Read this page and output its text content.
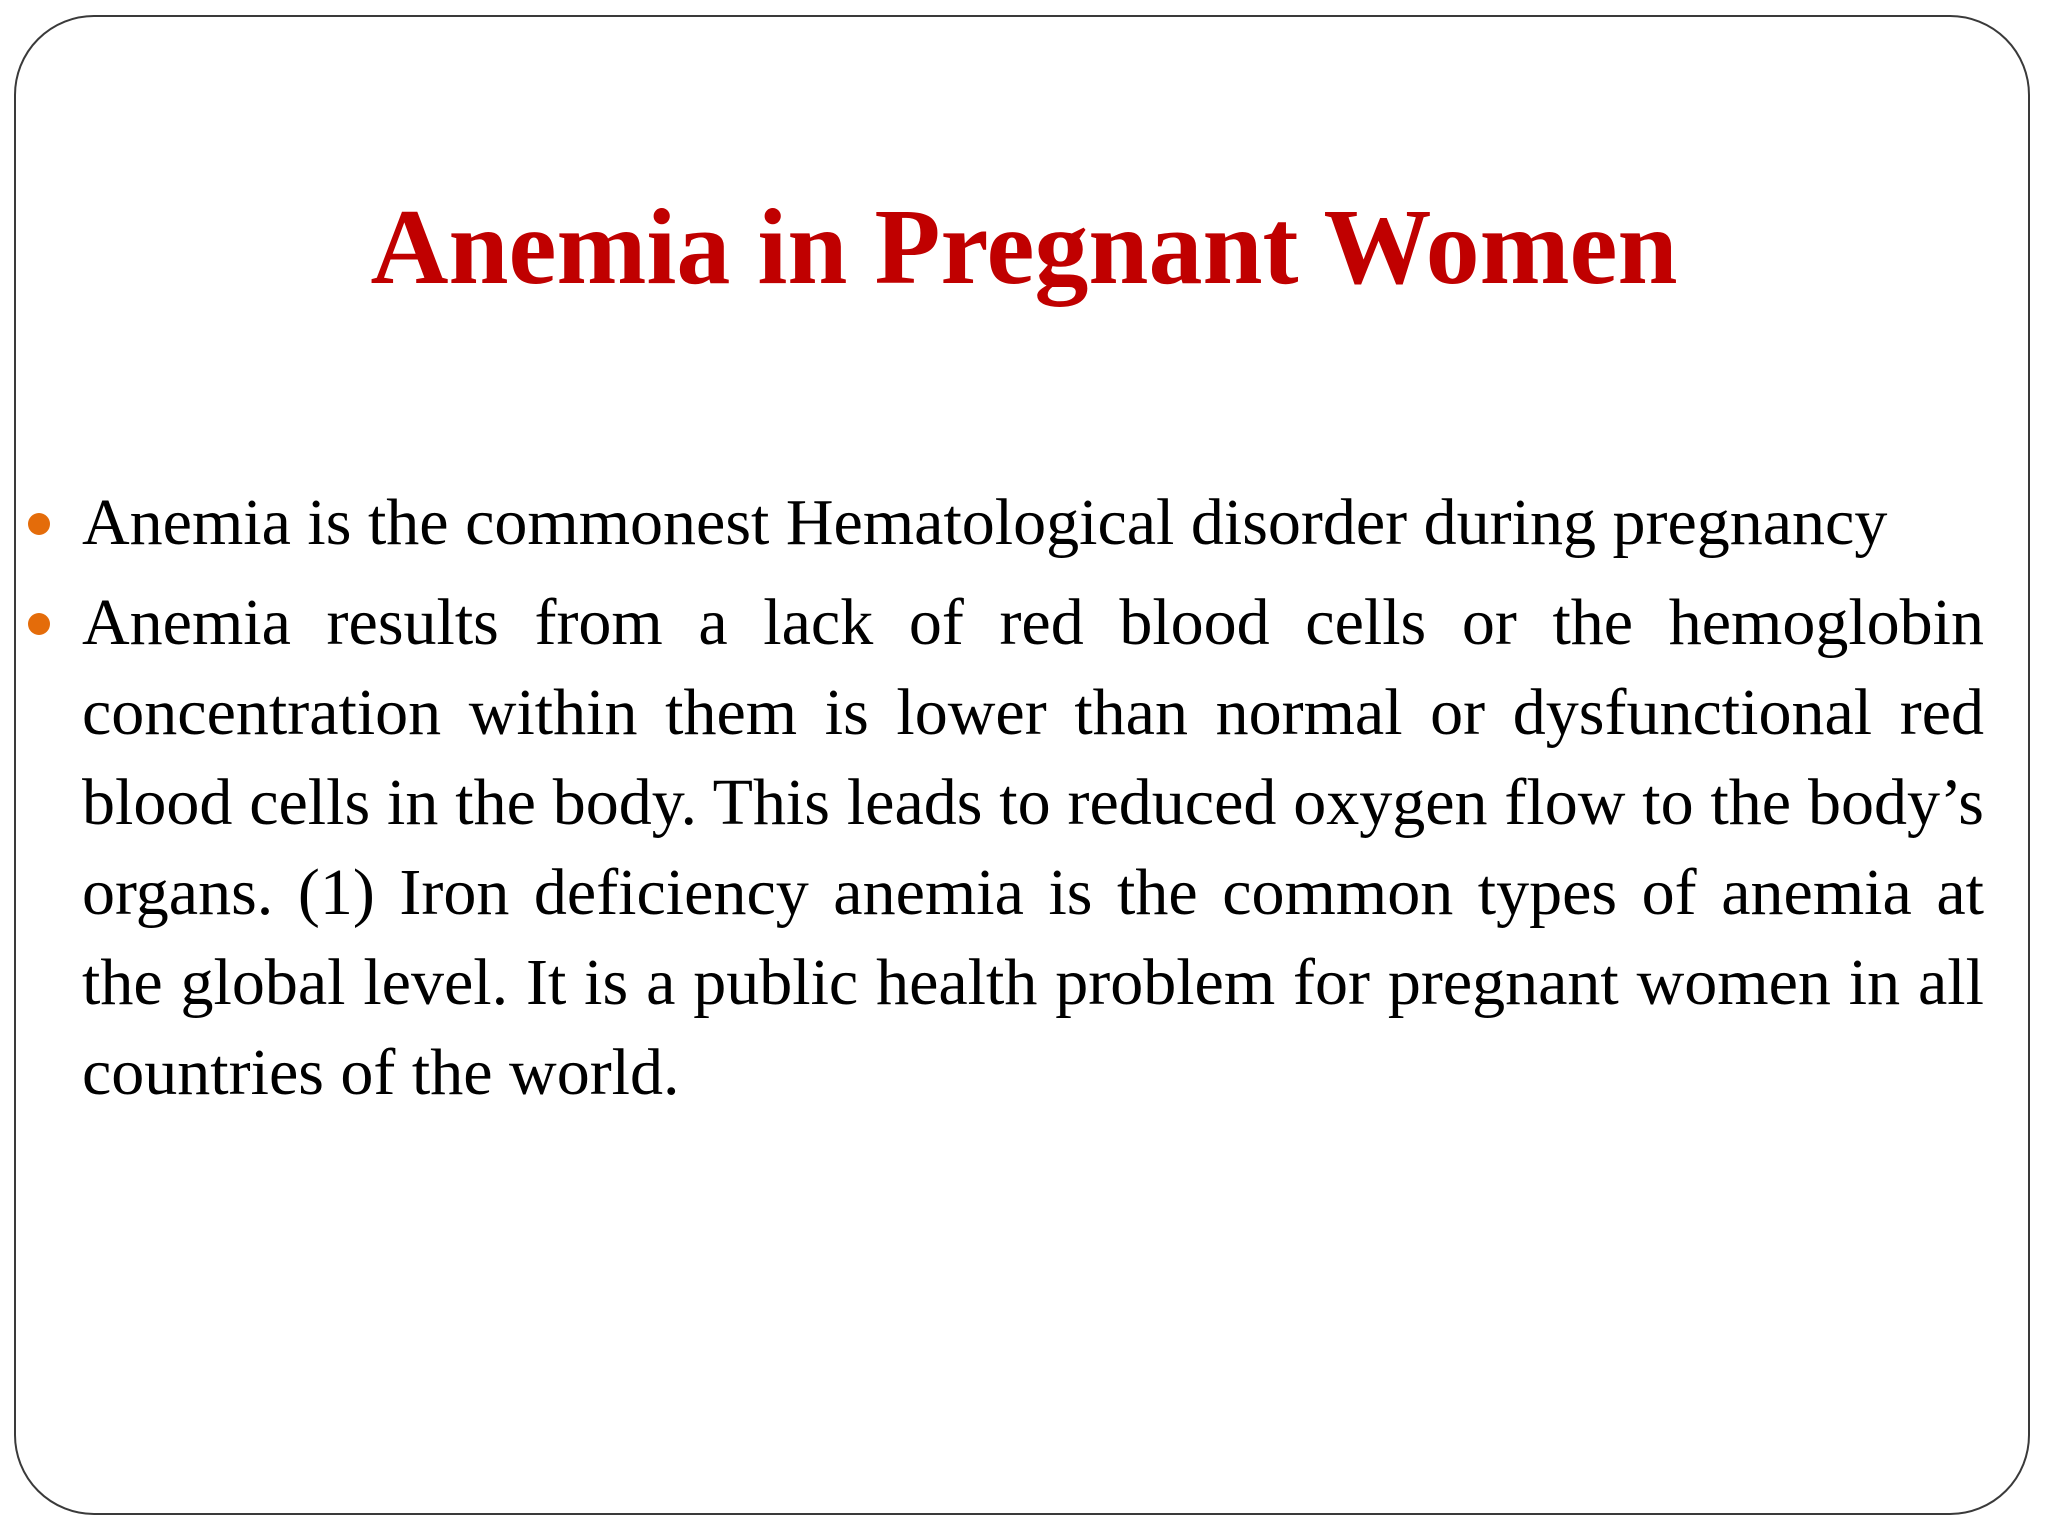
Anemia in Pregnant Women
Anemia is the commonest Hematological disorder during pregnancy
Anemia results from a lack of red blood cells or the hemoglobin concentration within them is lower than normal or dysfunctional red blood cells in the body. This leads to reduced oxygen flow to the body’s organs. (1) Iron deficiency anemia is the common types of anemia at the global level. It is a public health problem for pregnant women in all countries of the world.
